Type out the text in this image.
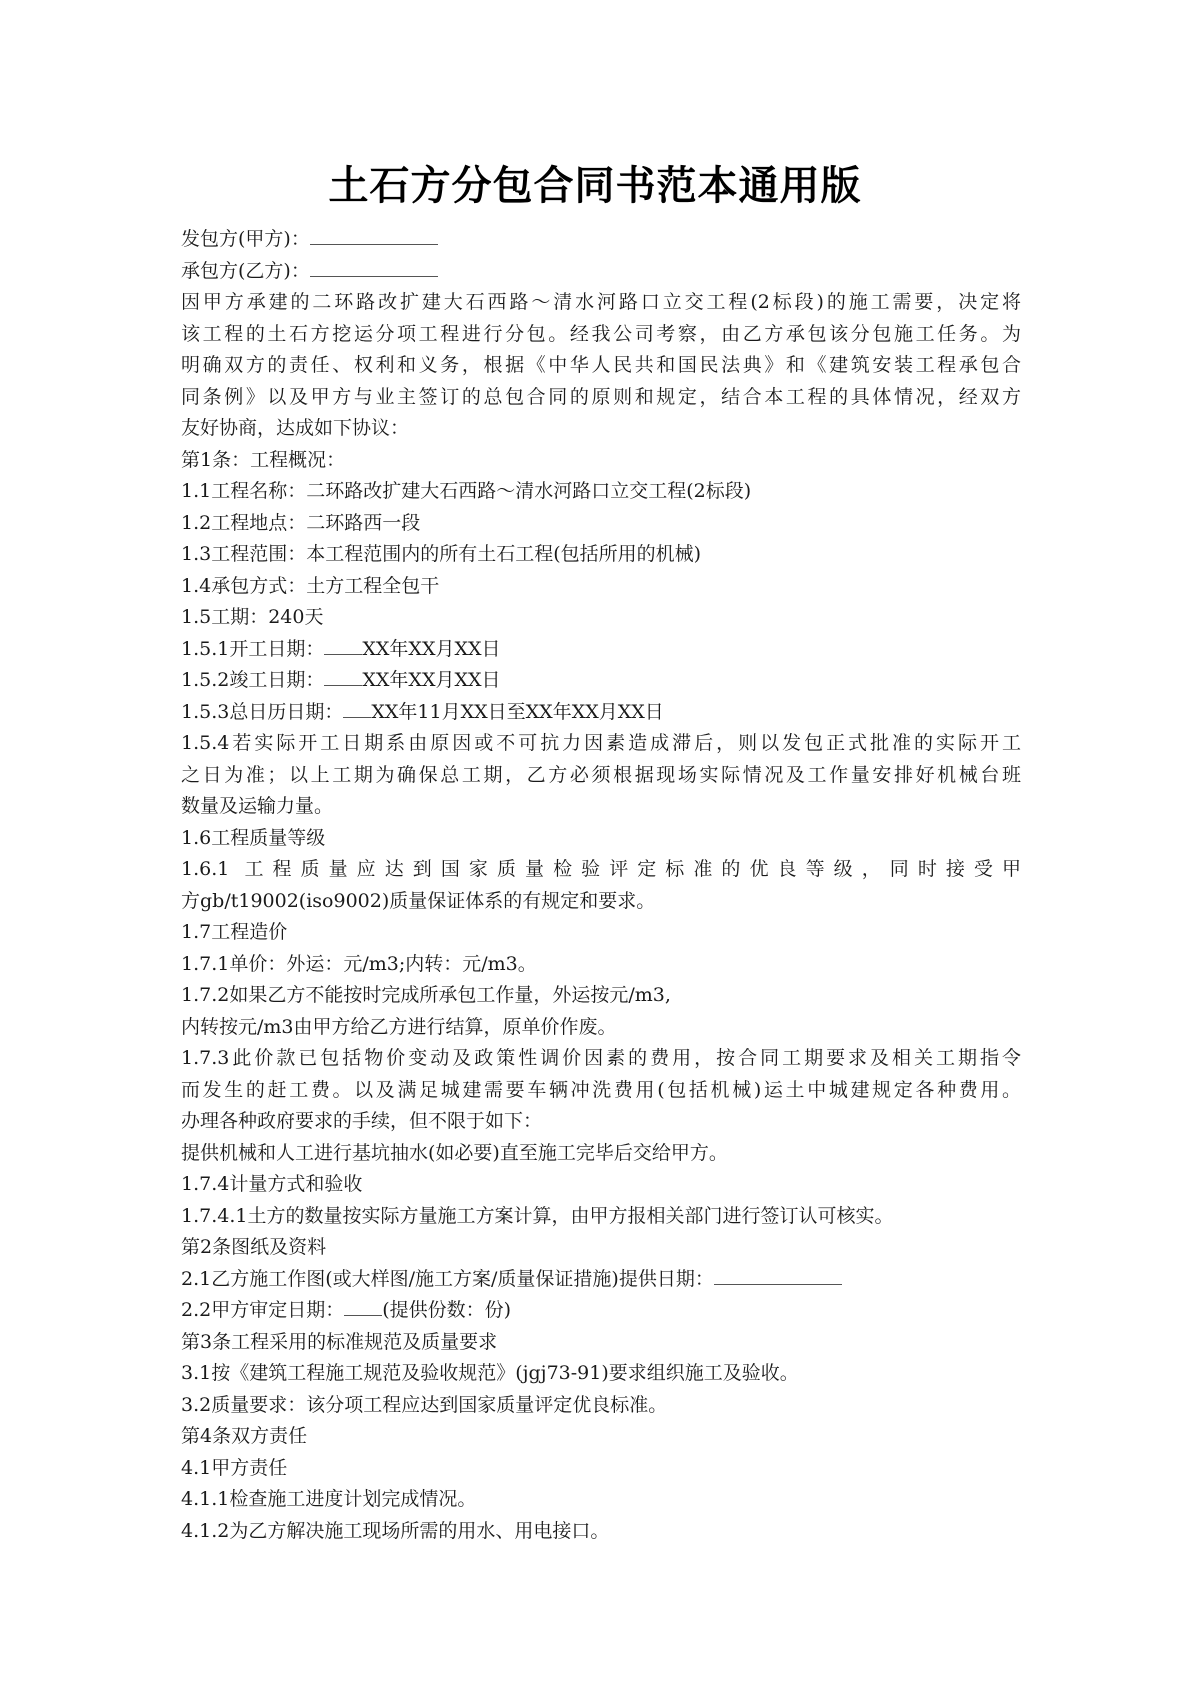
土石方分包合同书范本通用版
发包方(甲方)：
承包方(乙方)：
因甲方承建的二环路改扩建大石西路～清水河路口立交工程(2标段)的施工需要，决定将
该工程的土石方挖运分项工程进行分包。经我公司考察，由乙方承包该分包施工任务。为
明确双方的责任、权利和义务，根据《中华人民共和国民法典》和《建筑安装工程承包合
同条例》以及甲方与业主签订的总包合同的原则和规定，结合本工程的具体情况，经双方
友好协商，达成如下协议：
第1条：工程概况：
1.1工程名称：二环路改扩建大石西路～清水河路口立交工程(2标段)
1.2工程地点：二环路西一段
1.3工程范围：本工程范围内的所有土石工程(包括所用的机械)
1.4承包方式：土方工程全包干
1.5工期：240天
1.5.1开工日期： XX年XX月XX日
1.5.2竣工日期： XX年XX月XX日
1.5.3总日历日期： XX年11月XX日至XX年XX月XX日
1.5.4若实际开工日期系由原因或不可抗力因素造成滞后，则以发包正式批准的实际开工
之日为准；以上工期为确保总工期，乙方必须根据现场实际情况及工作量安排好机械台班
数量及运输力量。
1.6工程质量等级
1.6.1 工程质量应达到国家质量检验评定标准的优良等级，同时接受甲
方gb/t19002(iso9002)质量保证体系的有规定和要求。
1.7工程造价
1.7.1单价：外运：元/m3;内转：元/m3。
1.7.2如果乙方不能按时完成所承包工作量，外运按元/m3,
内转按元/m3由甲方给乙方进行结算，原单价作废。
1.7.3此价款已包括物价变动及政策性调价因素的费用，按合同工期要求及相关工期指令
而发生的赶工费。以及满足城建需要车辆冲洗费用(包括机械)运土中城建规定各种费用。
办理各种政府要求的手续，但不限于如下：
提供机械和人工进行基坑抽水(如必要)直至施工完毕后交给甲方。
1.7.4计量方式和验收
1.7.4.1土方的数量按实际方量施工方案计算，由甲方报相关部门进行签订认可核实。
第2条图纸及资料
2.1乙方施工作图(或大样图/施工方案/质量保证措施)提供日期：
2.2甲方审定日期： (提供份数：份)
第3条工程采用的标准规范及质量要求
3.1按《建筑工程施工规范及验收规范》(jgj73-91)要求组织施工及验收。
3.2质量要求：该分项工程应达到国家质量评定优良标准。
第4条双方责任
4.1甲方责任
4.1.1检查施工进度计划完成情况。
4.1.2为乙方解决施工现场所需的用水、用电接口。
